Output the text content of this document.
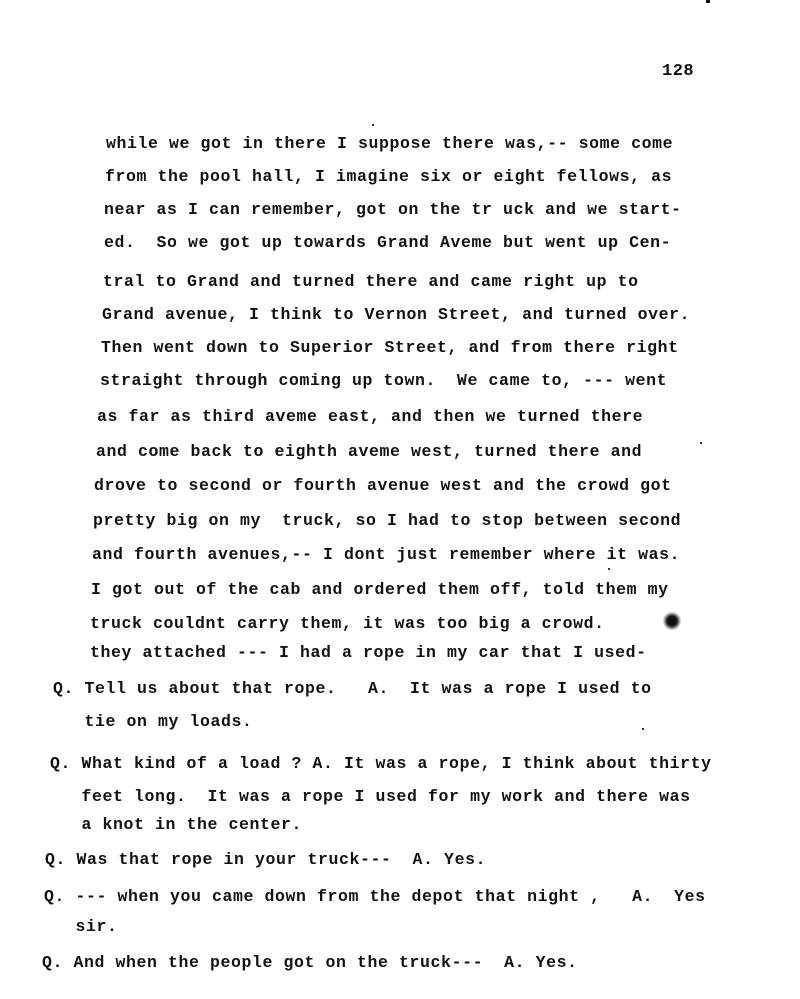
128
while we got in there I suppose there was,-- some come
from the pool hall, I imagine six or eight fellows, as
near as I can remember, got on the tr uck and we start-
ed.  So we got up towards Grand Aveme but went up Cen-
tral to Grand and turned there and came right up to
Grand avenue, I think to Vernon Street, and turned over.
Then went down to Superior Street, and from there right
straight through coming up town.  We came to, --- went
as far as third aveme east, and then we turned there
and come back to eighth aveme west, turned there and
drove to second or fourth avenue west and the crowd got
pretty big on my  truck, so I had to stop between second
and fourth avenues,-- I dont just remember where it was.
I got out of the cab and ordered them off, told them my
truck couldnt carry them, it was too big a crowd.
they attached --- I had a rope in my car that I used-
Q. Tell us about that rope.   A.  It was a rope I used to
tie on my loads.
Q. What kind of a load ? A. It was a rope, I think about thirty
feet long.  It was a rope I used for my work and there was
a knot in the center.
Q. Was that rope in your truck---  A. Yes.
Q. --- when you came down from the depot that night ,   A.  Yes
sir.
Q. And when the people got on the truck---  A. Yes.
